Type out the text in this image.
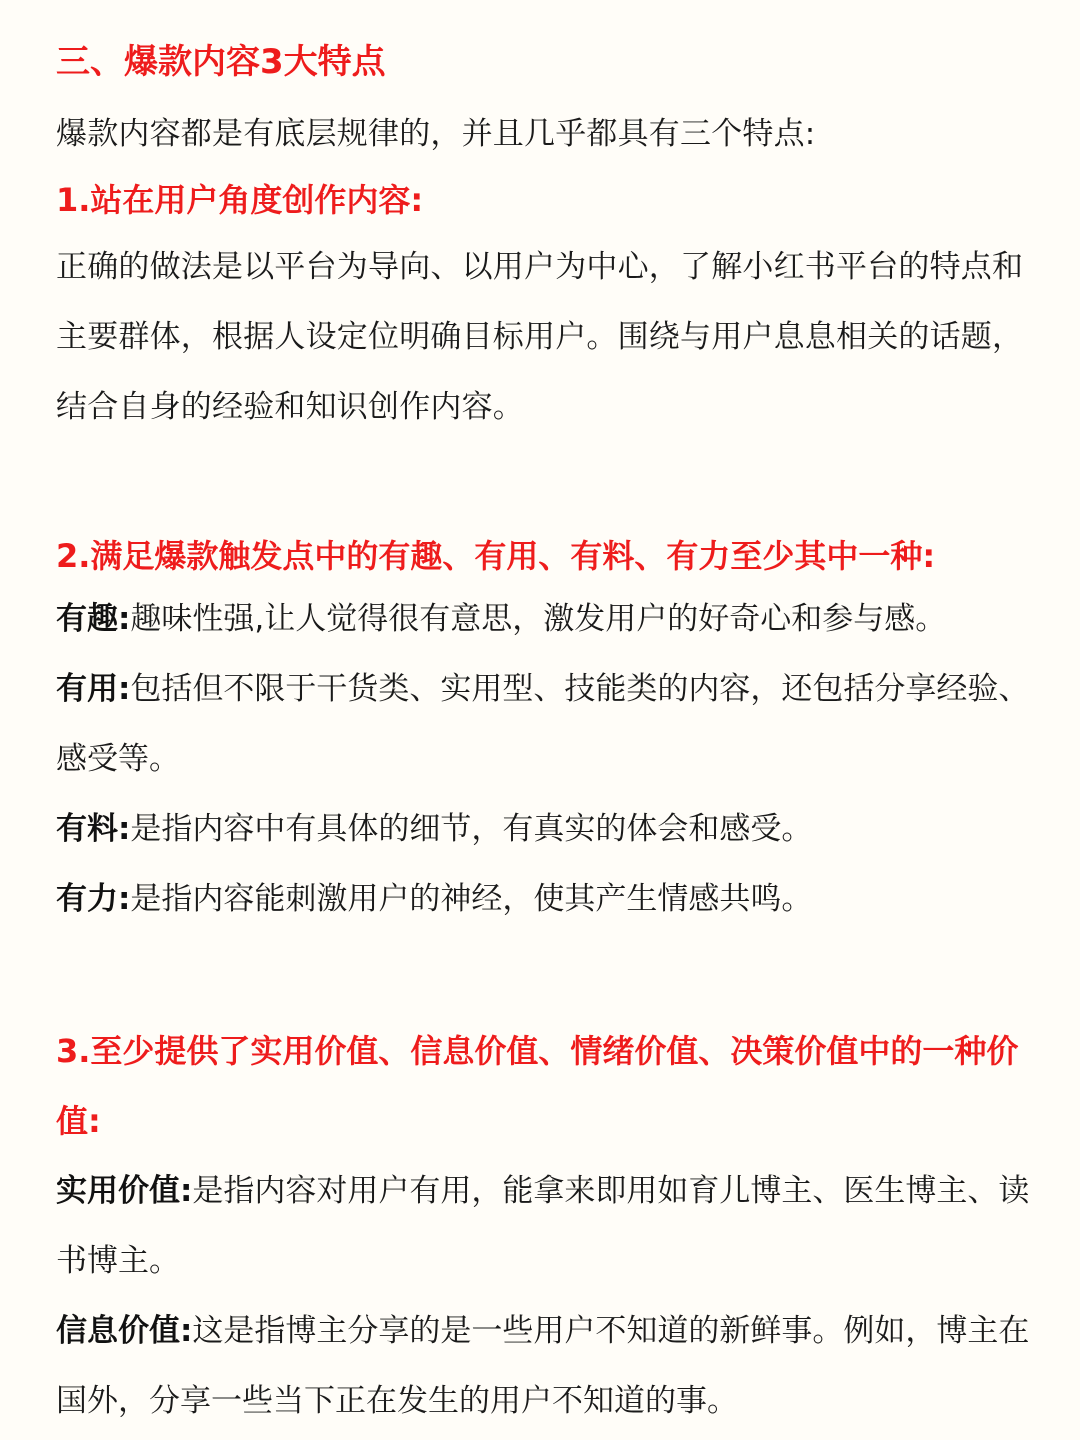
三、爆款内容3大特点

爆款内容都是有底层规律的，并且几乎都具有三个特点:

1.站在用户角度创作内容:

正确的做法是以平台为导向、以用户为中心，了解小红书平台的特点和主要群体，根据人设定位明确目标用户。围绕与用户息息相关的话题，结合自身的经验和知识创作内容。

2.满足爆款触发点中的有趣、有用、有料、有力至少其中一种:

有趣:趣味性强,让人觉得很有意思，激发用户的好奇心和参与感。

有用:包括但不限于干货类、实用型、技能类的内容，还包括分享经验、感受等。

有料:是指内容中有具体的细节，有真实的体会和感受。

有力:是指内容能刺激用户的神经，使其产生情感共鸣。

3.至少提供了实用价值、信息价值、情绪价值、决策价值中的一种价值:

实用价值:是指内容对用户有用，能拿来即用如育儿博主、医生博主、读书博主。

信息价值:这是指博主分享的是一些用户不知道的新鲜事。例如，博主在国外，分享一些当下正在发生的用户不知道的事。
